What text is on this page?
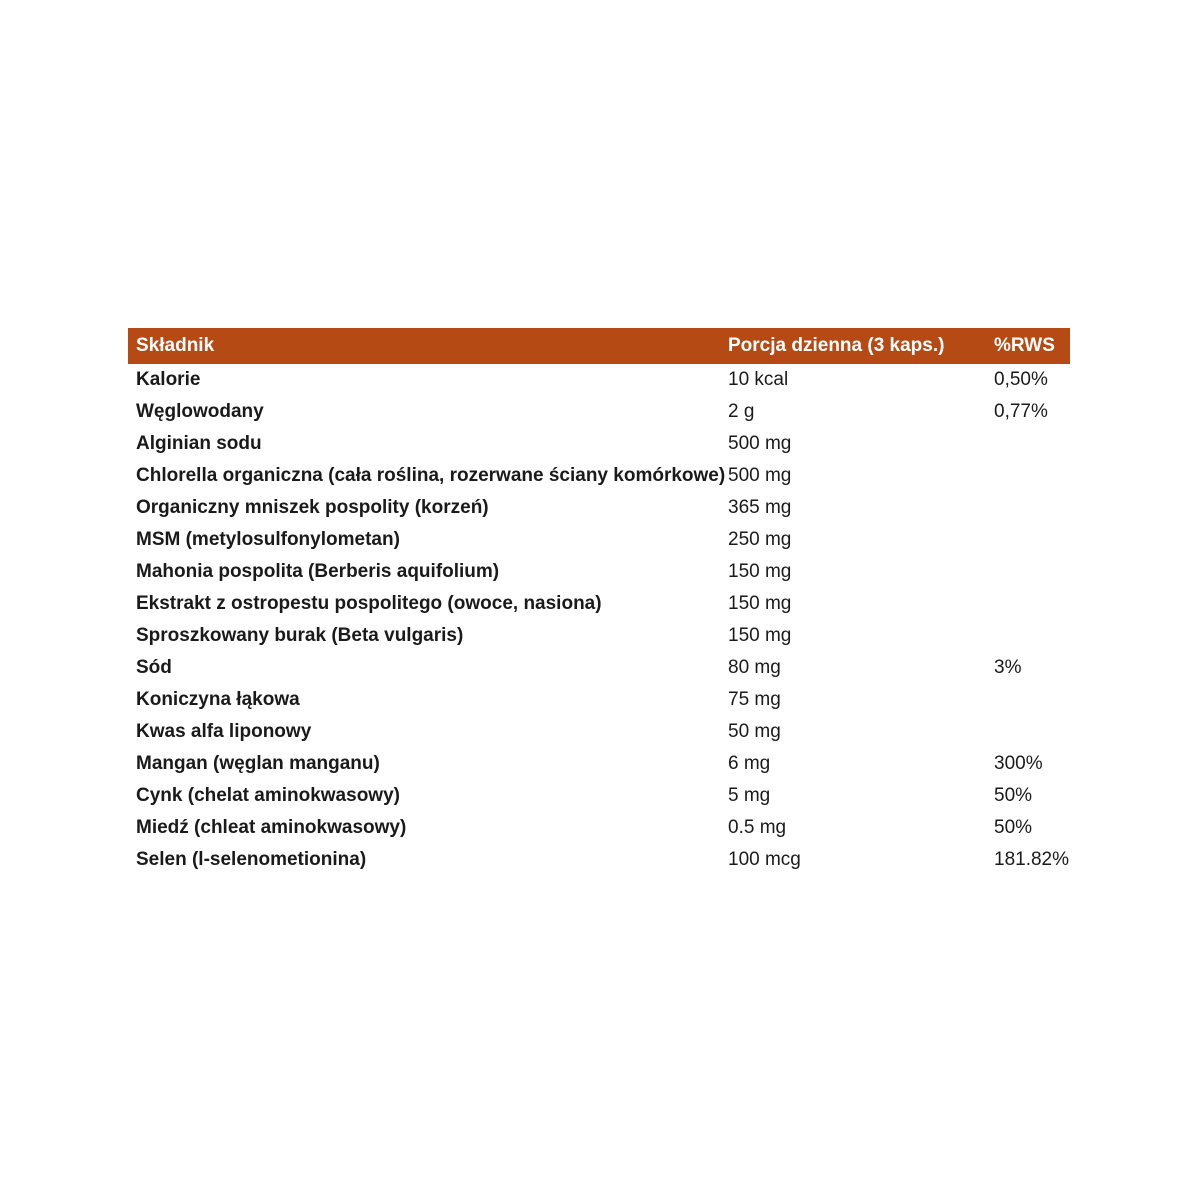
Składnik	Porcja dzienna (3 kaps.)	%RWS
Kalorie	10 kcal	0,50%
Węglowodany	2 g	0,77%
Alginian sodu	500 mg
Chlorella organiczna (cała roślina, rozerwane ściany komórkowe) 500 mg
Organiczny mniszek pospolity (korzeń)	365 mg
MSM (metylosulfonylometan)	250 mg
Mahonia pospolita (Berberis aquifolium)	150 mg
Ekstrakt z ostropestu pospolitego (owoce, nasiona)	150 mg
Sproszkowany burak (Beta vulgaris)	150 mg
Sód	80 mg	3%
Koniczyna łąkowa	75 mg
Kwas alfa liponowy	50 mg
Mangan (węglan manganu)	6 mg	300%
Cynk (chelat aminokwasowy)	5 mg	50%
Miedź (chleat aminokwasowy)	0.5 mg	50%
Selen (l-selenometionina)	100 mcg	181.82%
